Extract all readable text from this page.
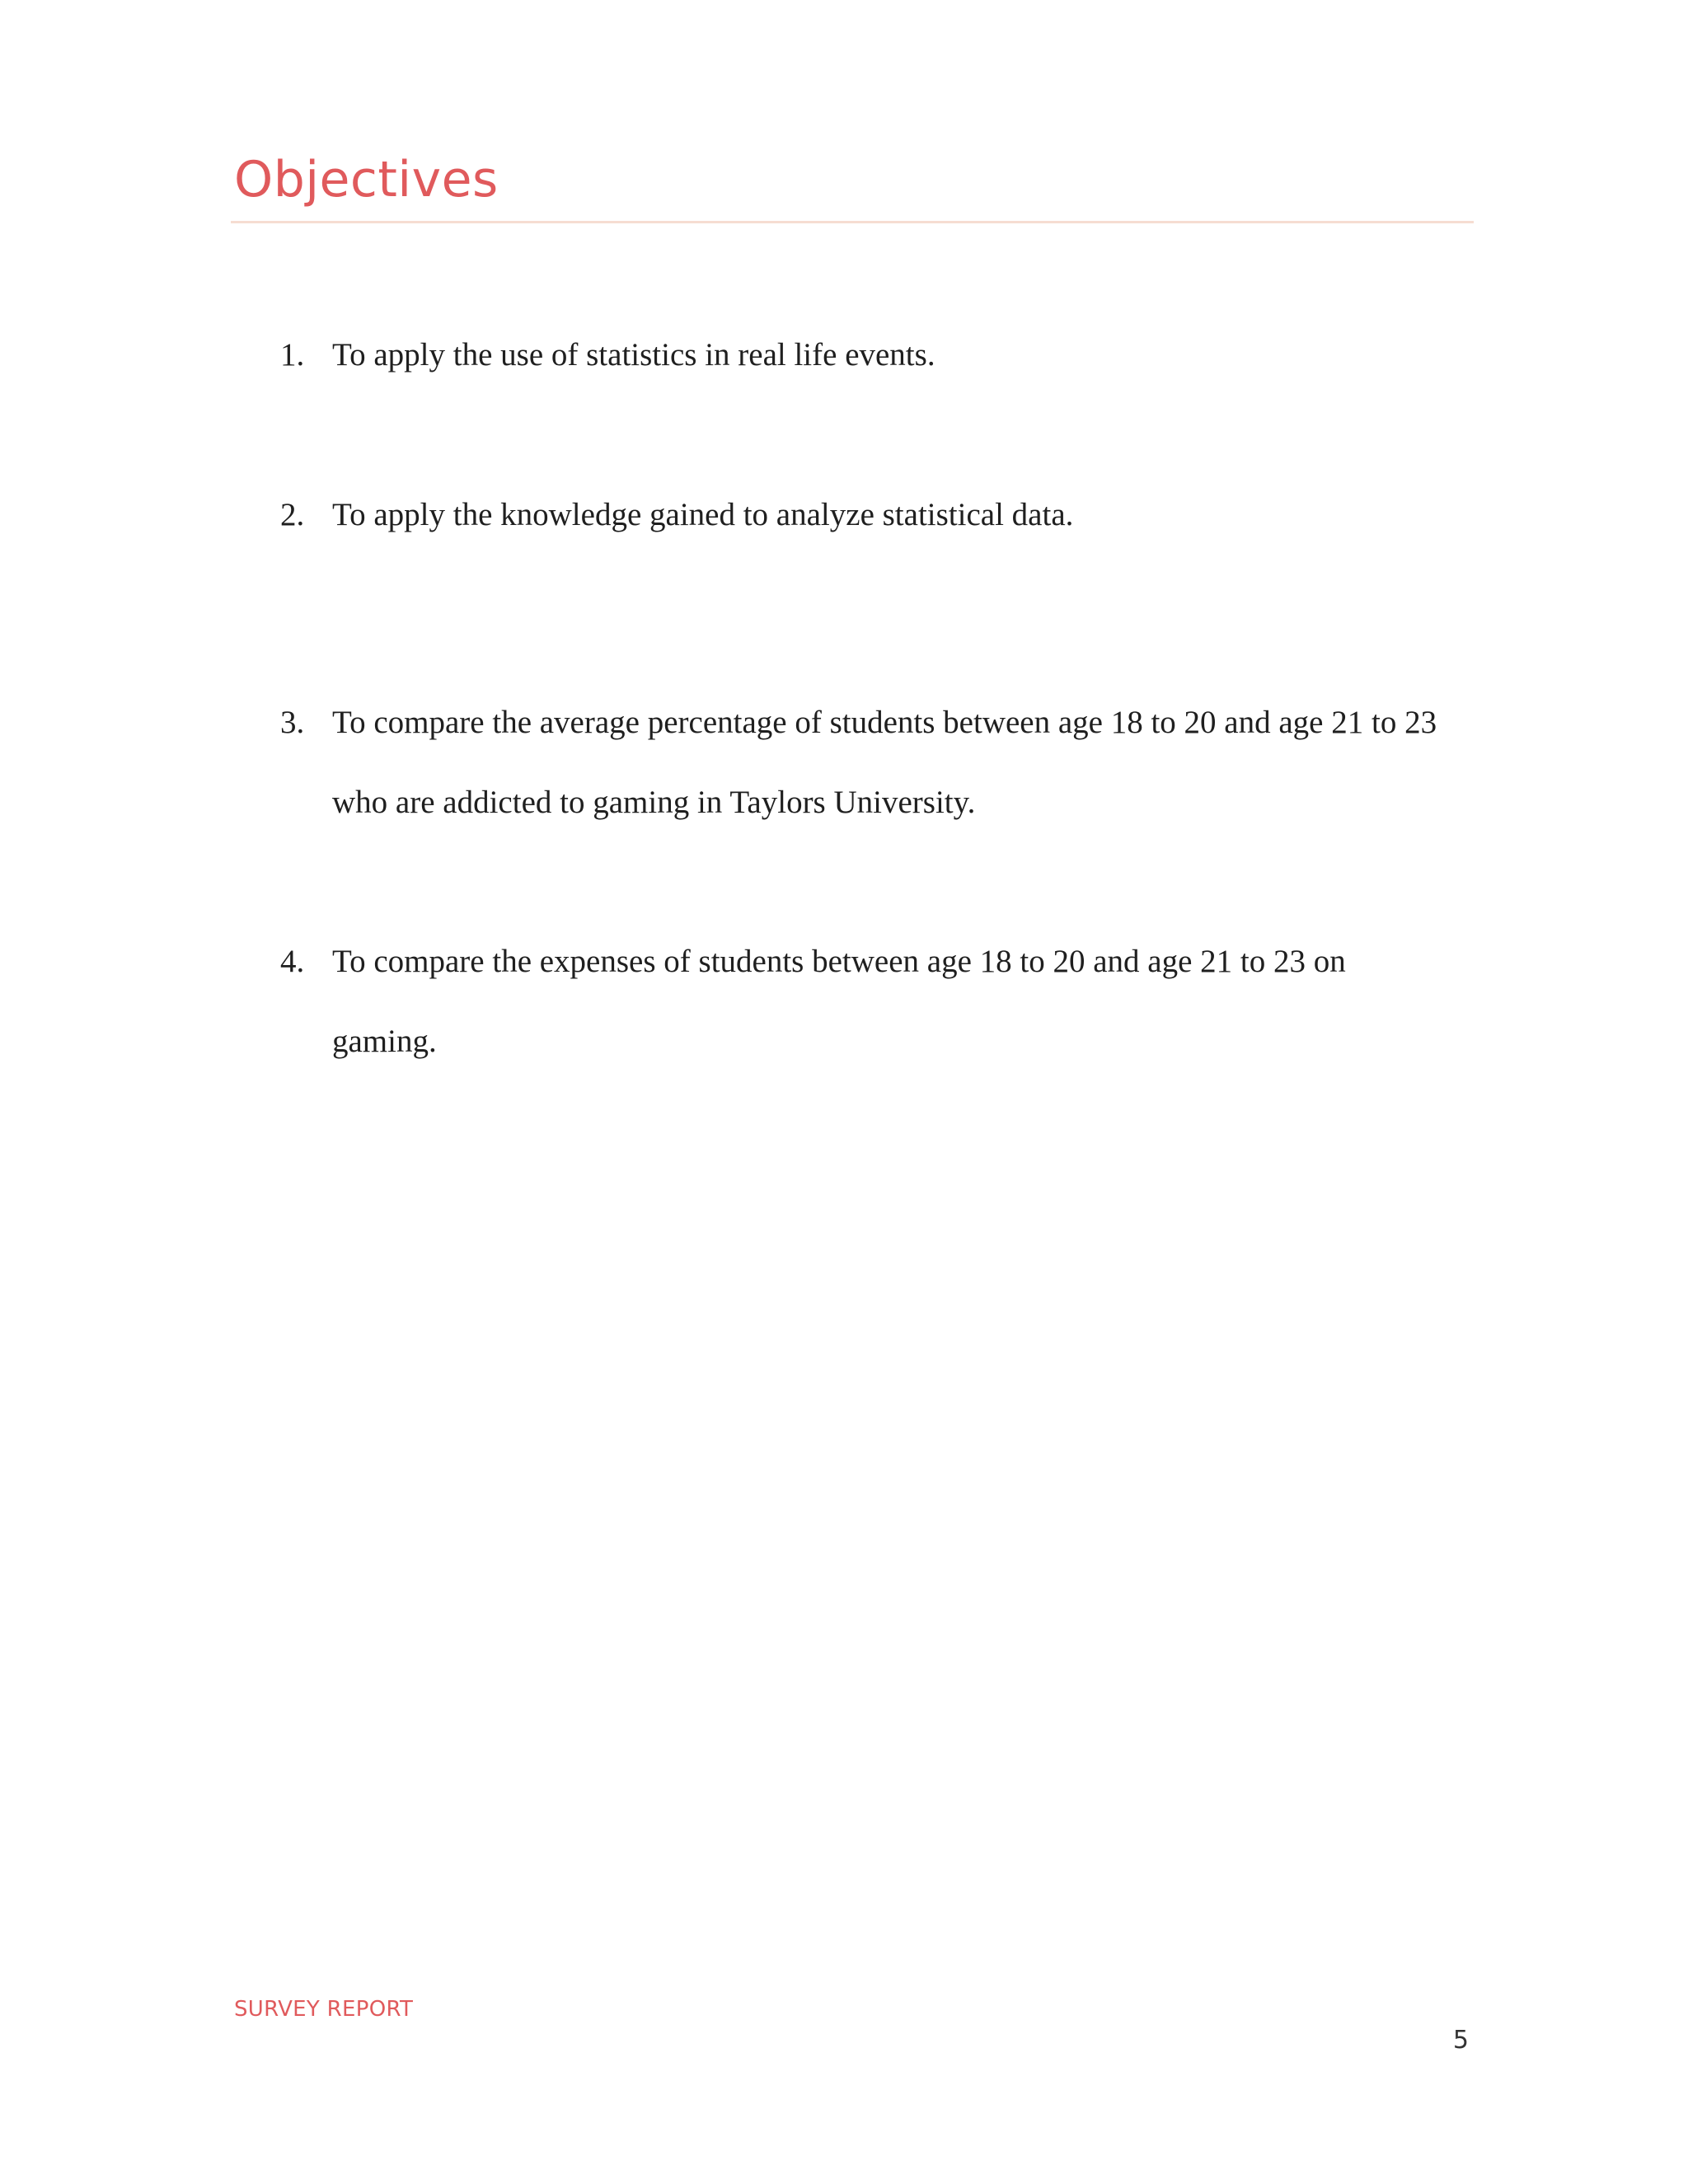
Objectives
1. To apply the use of statistics in real life events.
2. To apply the knowledge gained to analyze statistical data.
3. To compare the average percentage of students between age 18 to 20 and age 21 to 23 who are addicted to gaming in Taylors University.
4. To compare the expenses of students between age 18 to 20 and age 21 to 23 on gaming.
SURVEY REPORT
5
